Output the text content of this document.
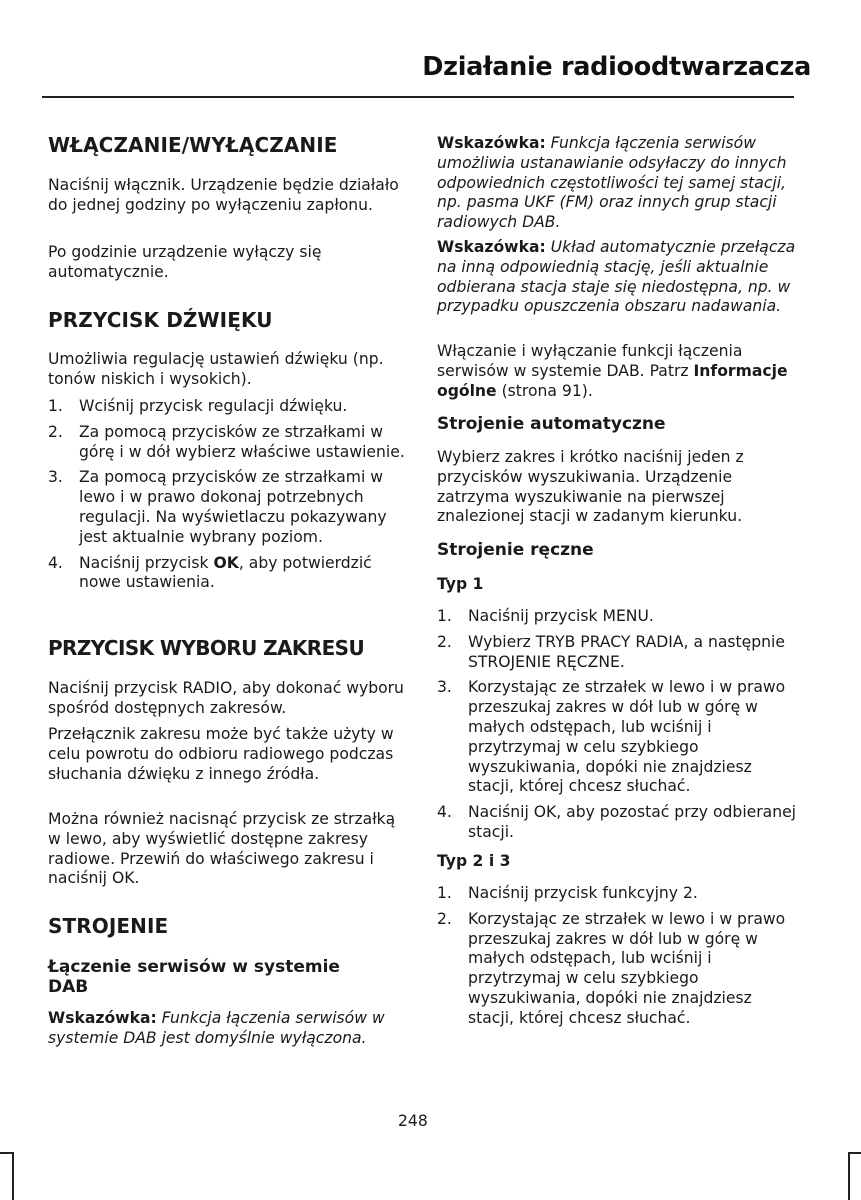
Działanie radioodtwarzacza
WŁĄCZANIE/WYŁĄCZANIE

Naciśnij włącznik. Urządzenie będzie działało do jednej godziny po wyłączeniu zapłonu.

Po godzinie urządzenie wyłączy się automatycznie.

PRZYCISK DŹWIĘKU

Umożliwia regulację ustawień dźwięku (np. tonów niskich i wysokich).

1. Wciśnij przycisk regulacji dźwięku.
2. Za pomocą przycisków ze strzałkami w górę i w dół wybierz właściwe ustawienie.
3. Za pomocą przycisków ze strzałkami w lewo i w prawo dokonaj potrzebnych regulacji. Na wyświetlaczu pokazywany jest aktualnie wybrany poziom.
4. Naciśnij przycisk OK, aby potwierdzić nowe ustawienia.
PRZYCISK WYBORU ZAKRESU

Naciśnij przycisk RADIO, aby dokonać wyboru spośród dostępnych zakresów.

Przełącznik zakresu może być także użyty w celu powrotu do odbioru radiowego podczas słuchania dźwięku z innego źródła.

Można również nacisnąć przycisk ze strzałką w lewo, aby wyświetlić dostępne zakresy radiowe. Przewiń do właściwego zakresu i naciśnij OK.

STROJENIE
Łączenie serwisów w systemie DAB

Wskazówka: Funkcja łączenia serwisów w systemie DAB jest domyślnie wyłączona.

Wskazówka: Funkcja łączenia serwisów umożliwia ustanawianie odsyłaczy do innych odpowiednich częstotliwości tej samej stacji, np. pasma UKF (FM) oraz innych grup stacji radiowych DAB.

Wskazówka: Układ automatycznie przełącza na inną odpowiednią stację, jeśli aktualnie odbierana stacja staje się niedostępna, np. w przypadku opuszczenia obszaru nadawania.

Włączanie i wyłączanie funkcji łączenia serwisów w systemie DAB. Patrz Informacje ogólne (strona 91).

Strojenie automatyczne

Wybierz zakres i krótko naciśnij jeden z przycisków wyszukiwania. Urządzenie zatrzyma wyszukiwanie na pierwszej znalezionej stacji w zadanym kierunku.

Strojenie ręczne
Typ 1
1. Naciśnij przycisk MENU.
2. Wybierz TRYB PRACY RADIA, a następnie STROJENIE RĘCZNE.
3. Korzystając ze strzałek w lewo i w prawo przeszukaj zakres w dół lub w górę w małych odstępach, lub wciśnij i przytrzymaj w celu szybkiego wyszukiwania, dopóki nie znajdziesz stacji, której chcesz słuchać.
4. Naciśnij OK, aby pozostać przy odbieranej stacji.
Typ 2 i 3
1. Naciśnij przycisk funkcyjny 2.
2. Korzystając ze strzałek w lewo i w prawo przeszukaj zakres w dół lub w górę w małych odstępach, lub wciśnij i przytrzymaj w celu szybkiego wyszukiwania, dopóki nie znajdziesz stacji, której chcesz słuchać.
248
